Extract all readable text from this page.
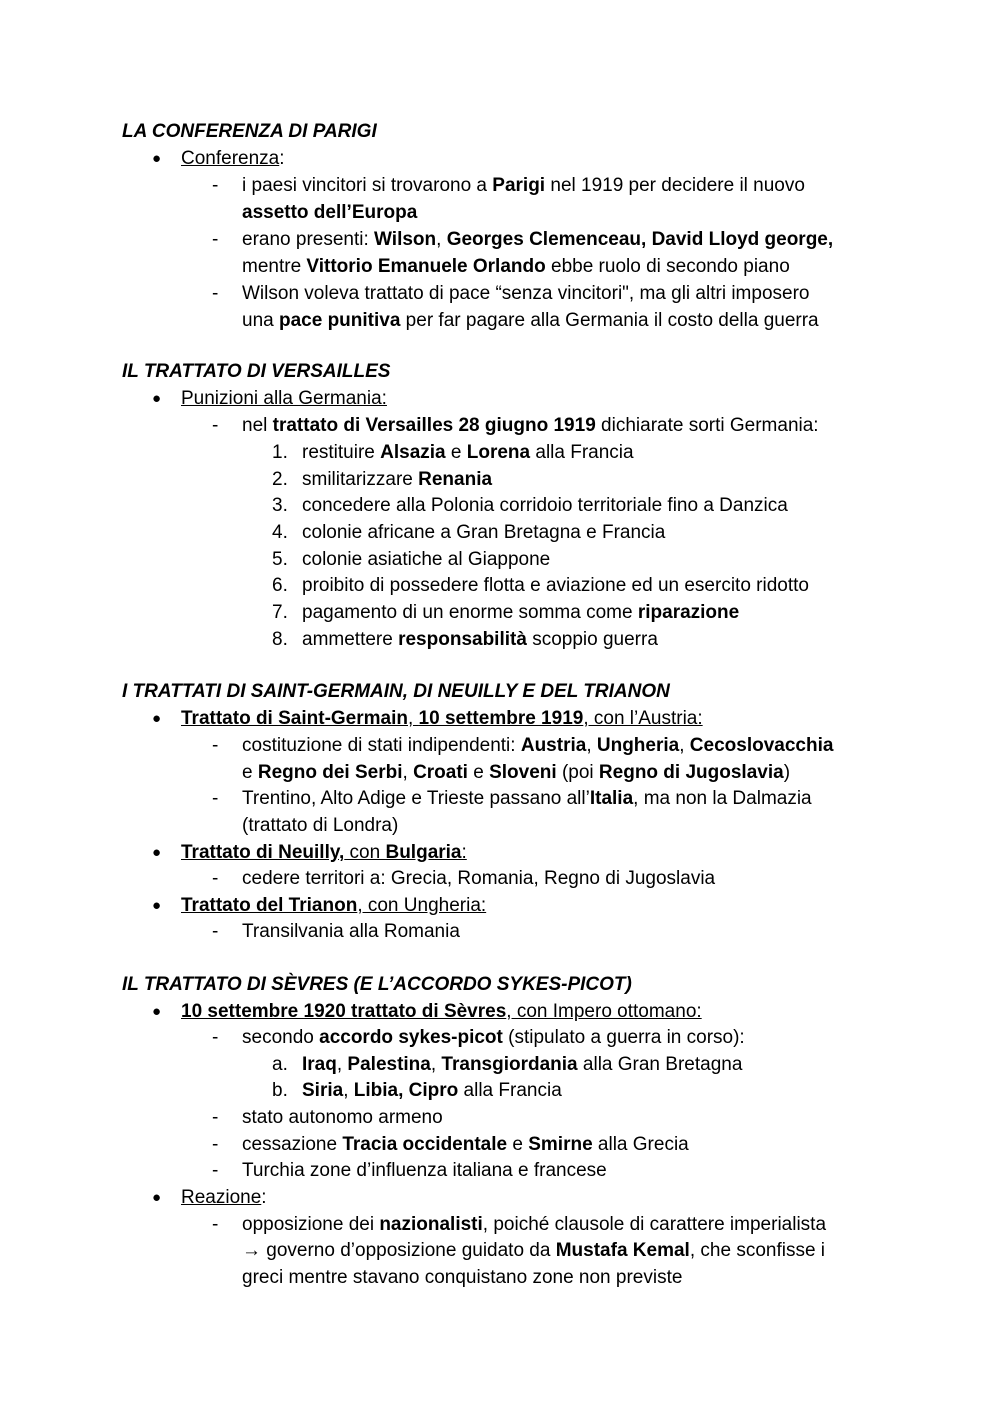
LA CONFERENZA DI PARIGI
● Conferenza:
- i paesi vincitori si trovarono a Parigi nel 1919 per decidere il nuovo
assetto dell’Europa
- erano presenti: Wilson, Georges Clemenceau, David Lloyd george,
mentre Vittorio Emanuele Orlando ebbe ruolo di secondo piano
- Wilson voleva trattato di pace “senza vincitori", ma gli altri imposero
una pace punitiva per far pagare alla Germania il costo della guerra
IL TRATTATO DI VERSAILLES
● Punizioni alla Germania:
- nel trattato di Versailles 28 giugno 1919 dichiarate sorti Germania:
1. restituire Alsazia e Lorena alla Francia
2. smilitarizzare Renania
3. concedere alla Polonia corridoio territoriale fino a Danzica
4. colonie africane a Gran Bretagna e Francia
5. colonie asiatiche al Giappone
6. proibito di possedere flotta e aviazione ed un esercito ridotto
7. pagamento di un enorme somma come riparazione
8. ammettere responsabilità scoppio guerra
I TRATTATI DI SAINT-GERMAIN, DI NEUILLY E DEL TRIANON
● Trattato di Saint-Germain, 10 settembre 1919, con l’Austria:
- costituzione di stati indipendenti: Austria, Ungheria, Cecoslovacchia
e Regno dei Serbi, Croati e Sloveni (poi Regno di Jugoslavia)
- Trentino, Alto Adige e Trieste passano all’Italia, ma non la Dalmazia
(trattato di Londra)
● Trattato di Neuilly, con Bulgaria:
- cedere territori a: Grecia, Romania, Regno di Jugoslavia
● Trattato del Trianon, con Ungheria:
- Transilvania alla Romania
IL TRATTATO DI SÈVRES (E L’ACCORDO SYKES-PICOT)
● 10 settembre 1920 trattato di Sèvres, con Impero ottomano:
- secondo accordo sykes-picot (stipulato a guerra in corso):
a. Iraq, Palestina, Transgiordania alla Gran Bretagna
b. Siria, Libia, Cipro alla Francia
- stato autonomo armeno
- cessazione Tracia occidentale e Smirne alla Grecia
- Turchia zone d’influenza italiana e francese
● Reazione:
- opposizione dei nazionalisti, poiché clausole di carattere imperialista
→ governo d’opposizione guidato da Mustafa Kemal, che sconfisse i
greci mentre stavano conquistano zone non previste
